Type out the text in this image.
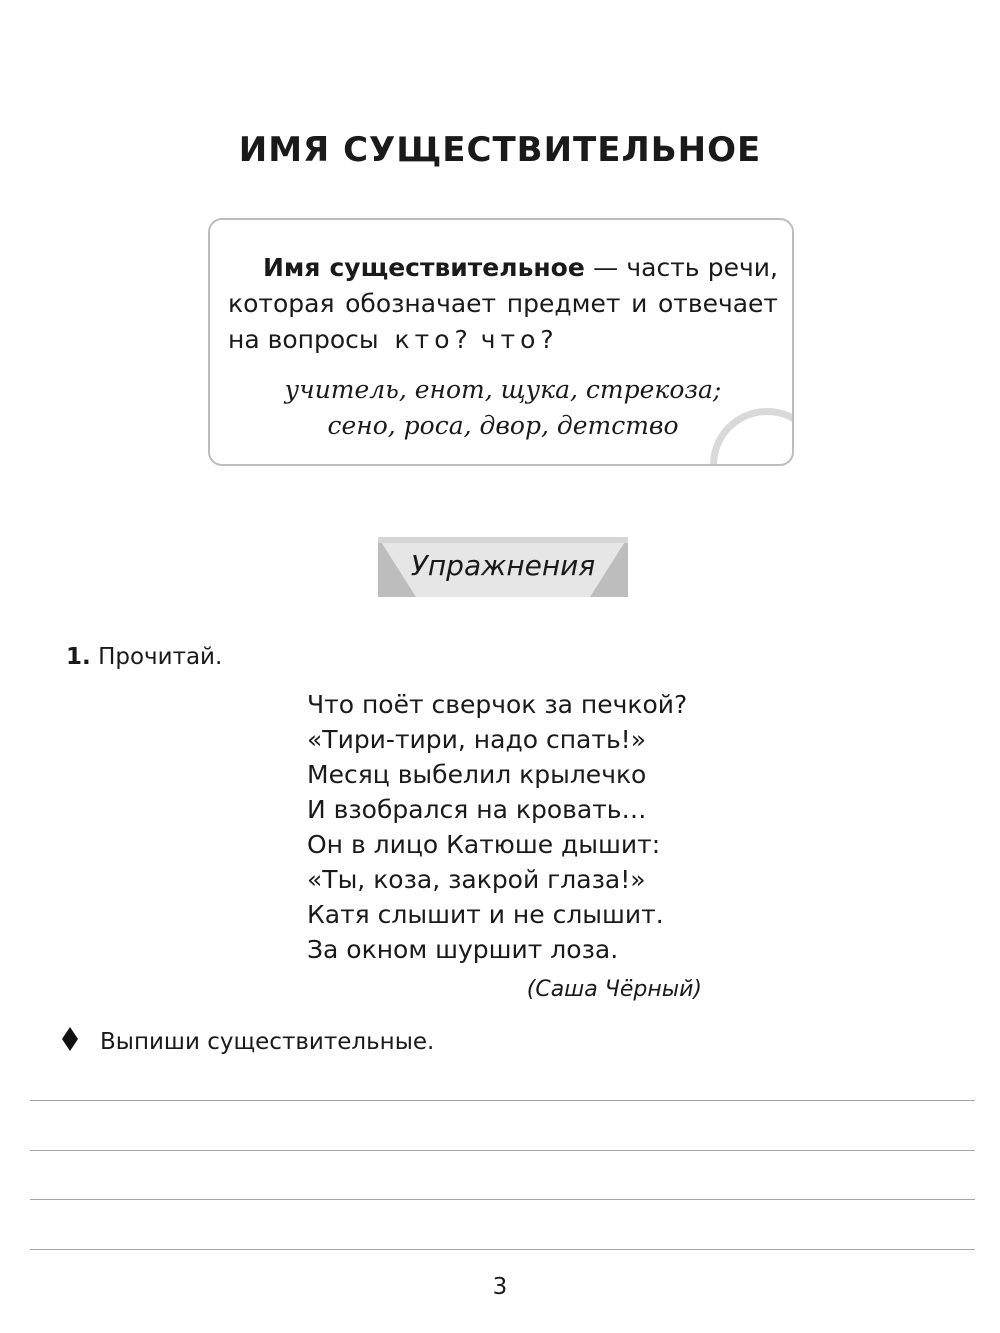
ИМЯ СУЩЕСТВИТЕЛЬНОЕ
Имя существительное — часть речи, которая обозначает предмет и отвечает на вопросы кто? что?
учитель, енот, щука, стрекоза;
сено, роса, двор, детство
Упражнения
1. Прочитай.
Что поёт сверчок за печкой?
«Тири-тири, надо спать!»
Месяц выбелил крылечко
И взобрался на кровать…
Он в лицо Катюше дышит:
«Ты, коза, закрой глаза!»
Катя слышит и не слышит.
За окном шуршит лоза.
(Саша Чёрный)
Выпиши существительные.
3
